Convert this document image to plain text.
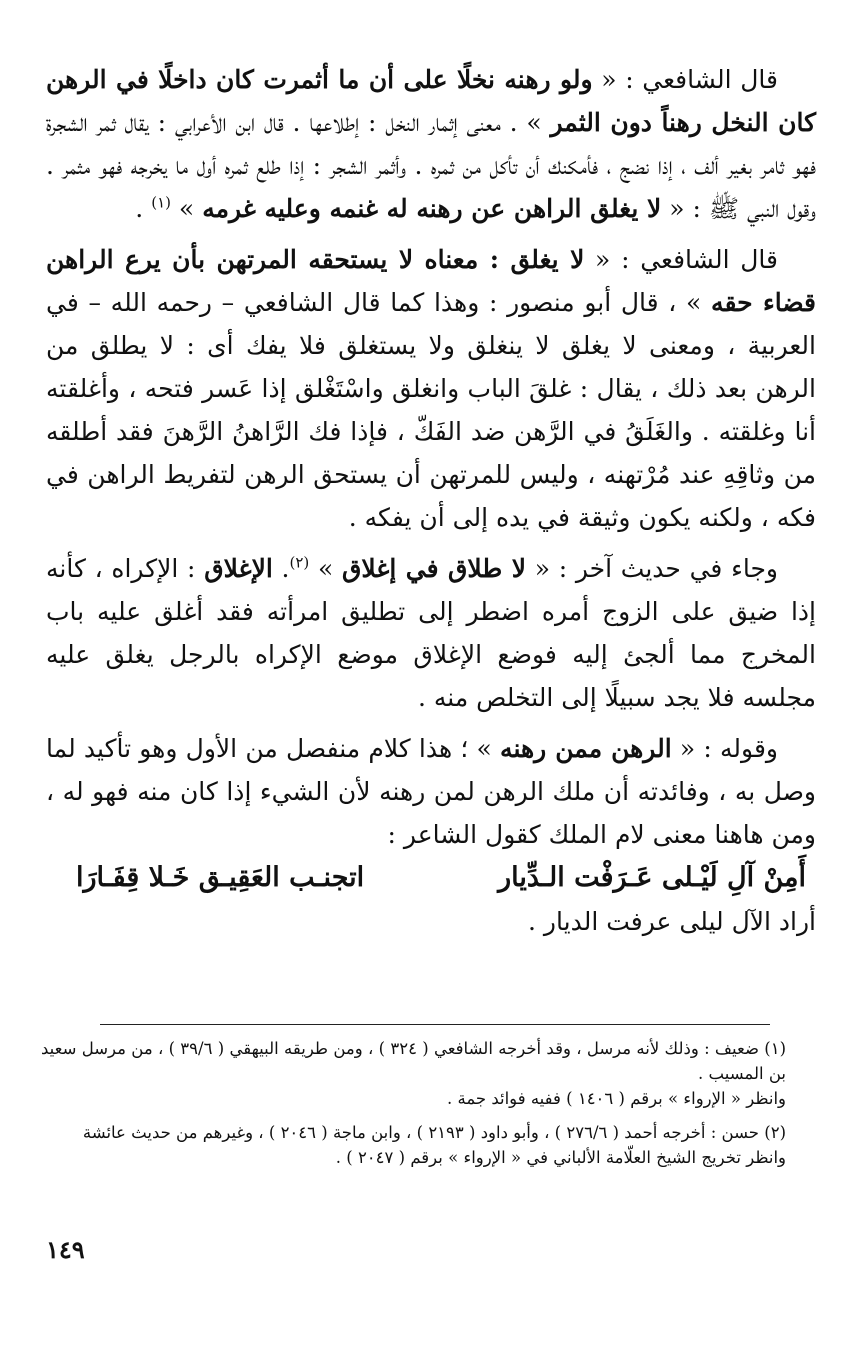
قال الشافعي : « ولو رهنه نخلًا على أن ما أثمرت كان داخلًا في الرهن كان النخل رهناً دون الثمر » . معنى إثمار النخل : إطلاعها . قال ابن الأعرابي : يقال ثمر الشجرة فهو ثامر بغير ألف ، إذا نضج ، فأمكنك أن تأكل من ثمره . وأثمر الشجر : إذا طلع ثمره أول ما يخرجه فهو مثمر . وقول النبي ﷺ : « لا يغلق الراهن عن رهنه له غنمه وعليه غرمه » $^{(١)}$ .

قال الشافعي : « لا يغلق : معناه لا يستحقه المرتهن بأن يرع الراهن قضاء حقه » ، قال أبو منصور : وهذا كما قال الشافعي – رحمه الله – في العربية ، ومعنى لا يغلق لا ينغلق ولا يستغلق فلا يفك أى : لا يطلق من الرهن بعد ذلك ، يقال : غلقَ الباب وانغلق واسْتَغْلق إذا عَسر فتحه ، وأغلقته أنا وغلقته . والغَلَقُ في الرَّهن ضد الفَكّ ، فإذا فك الرَّاهنُ الرَّهنَ فقد أطلقه من وثاقِهِ عند مُرْتهنه ، وليس للمرتهن أن يستحق الرهن لتفريط الراهن في فكه ، ولكنه يكون وثيقة في يده إلى أن يفكه .

وجاء في حديث آخر : « لا طلاق في إغلاق » $^{(٢)}$. الإغلاق : الإكراه ، كأنه إذا ضيق على الزوج أمره اضطر إلى تطليق امرأته فقد أغلق عليه باب المخرج مما ألجئ إليه فوضع الإغلاق موضع الإكراه بالرجل يغلق عليه مجلسه فلا يجد سبيلًا إلى التخلص منه .

وقوله : « الرهن ممن رهنه » ؛ هذا كلام منفصل من الأول وهو تأكيد لما وصل به ، وفائدته أن ملك الرهن لمن رهنه لأن الشيء إذا كان منه فهو له ، ومن هاهنا معنى لام الملك كقول الشاعر :

أَمِنْ آلِ لَيْـلى عَـرَفْت الـدِّيار
اتجنـب العَقِيـق خَـلا قِفَـارَا

أراد الآل ليلى عرفت الديار .

(١) ضعيف : وذلك لأنه مرسل ، وقد أخرجه الشافعي ( ٣٢٤ ) ، ومن طريقه البيهقي ( ٣٩/٦ ) ، من مرسل سعيد بن المسيب .

وانظر « الإرواء » برقم ( ١٤٠٦ ) ففيه فوائد جمة .

(٢) حسن : أخرجه أحمد ( ٢٧٦/٦ ) ، وأبو داود ( ٢١٩٣ ) ، وابن ماجة ( ٢٠٤٦ ) ، وغيرهم من حديث عائشة

وانظر تخريج الشيخ العلّامة الألباني في « الإرواء » برقم ( ٢٠٤٧ ) .

١٤٩
